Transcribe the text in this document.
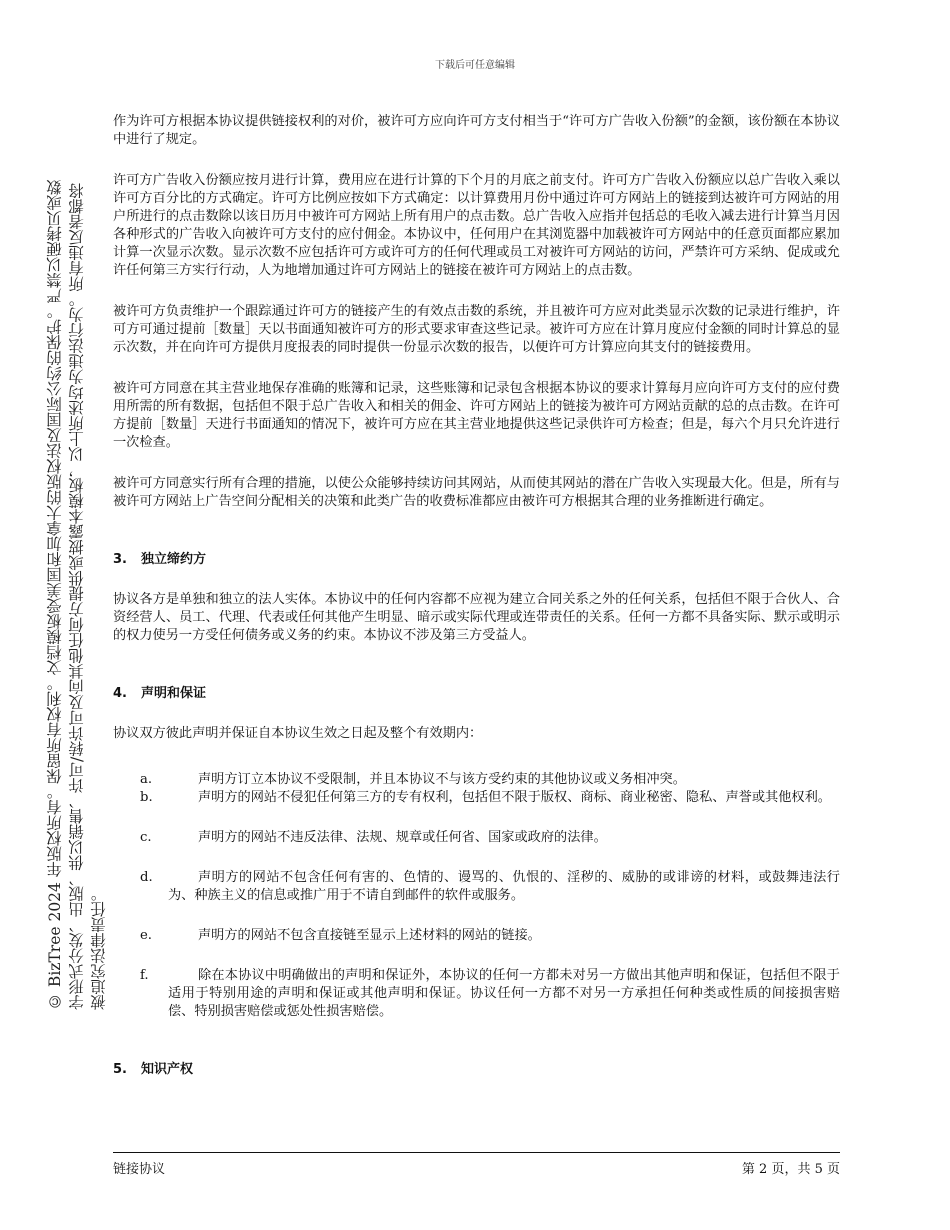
© BizTree 2024 年版权所有。保留所有权利。文档模板受美国和加拿大的版权法及国际公约的保护。严禁以硬拷贝或数 字形式分发、出版、供以销售、许可/转许可及向其他任何方提供或披露本模板，以上所述均为违法行为。所有违反者都将 被追究法律责任。
下载后可任意编辑

作为许可方根据本协议提供链接权利的对价，被许可方应向许可方支付相当于“许可方广告收入份额”的金额，该份额在本协议中进行了规定。

许可方广告收入份额应按月进行计算，费用应在进行计算的下个月的月底之前支付。许可方广告收入份额应以总广告收入乘以许可方百分比的方式确定。许可方比例应按如下方式确定：以计算费用月份中通过许可方网站上的链接到达被许可方网站的用户所进行的点击数除以该日历月中被许可方网站上所有用户的点击数。总广告收入应指并包括总的毛收入减去进行计算当月因各种形式的广告收入向被许可方支付的应付佣金。本协议中，任何用户在其浏览器中加载被许可方网站中的任意页面都应累加计算一次显示次数。显示次数不应包括许可方或许可方的任何代理或员工对被许可方网站的访问，严禁许可方采纳、促成或允许任何第三方实行行动，人为地增加通过许可方网站上的链接在被许可方网站上的点击数。

被许可方负责维护一个跟踪通过许可方的链接产生的有效点击数的系统，并且被许可方应对此类显示次数的记录进行维护，许可方可通过提前［数量］天以书面通知被许可方的形式要求审查这些记录。被许可方应在计算月度应付金额的同时计算总的显示次数，并在向许可方提供月度报表的同时提供一份显示次数的报告，以便许可方计算应向其支付的链接费用。

被许可方同意在其主营业地保存准确的账簿和记录，这些账簿和记录包含根据本协议的要求计算每月应向许可方支付的应付费用所需的所有数据，包括但不限于总广告收入和相关的佣金、许可方网站上的链接为被许可方网站贡献的总的点击数。在许可方提前［数量］天进行书面通知的情况下，被许可方应在其主营业地提供这些记录供许可方检查；但是，每六个月只允许进行一次检查。

被许可方同意实行所有合理的措施，以使公众能够持续访问其网站，从而使其网站的潜在广告收入实现最大化。但是，所有与被许可方网站上广告空间分配相关的决策和此类广告的收费标准都应由被许可方根据其合理的业务推断进行确定。

3. 独立缔约方

协议各方是单独和独立的法人实体。本协议中的任何内容都不应视为建立合同关系之外的任何关系，包括但不限于合伙人、合资经营人、员工、代理、代表或任何其他产生明显、暗示或实际代理或连带责任的关系。任何一方都不具备实际、默示或明示的权力使另一方受任何债务或义务的约束。本协议不涉及第三方受益人。

4. 声明和保证

协议双方彼此声明并保证自本协议生效之日起及整个有效期内：

a.	声明方订立本协议不受限制，并且本协议不与该方受约束的其他协议或义务相冲突。
b.	声明方的网站不侵犯任何第三方的专有权利，包括但不限于版权、商标、商业秘密、隐私、声誉或其他权利。
c.	声明方的网站不违反法律、法规、规章或任何省、国家或政府的法律。
d.	声明方的网站不包含任何有害的、色情的、谩骂的、仇恨的、淫秽的、威胁的或诽谤的材料，或鼓舞违法行为、种族主义的信息或推广用于不请自到邮件的软件或服务。
e.	声明方的网站不包含直接链至显示上述材料的网站的链接。
f.	除在本协议中明确做出的声明和保证外，本协议的任何一方都未对另一方做出其他声明和保证，包括但不限于适用于特别用途的声明和保证或其他声明和保证。协议任何一方都不对另一方承担任何种类或性质的间接损害赔偿、特别损害赔偿或惩处性损害赔偿。
5. 知识产权
链接协议	第 2 页，共 5 页
